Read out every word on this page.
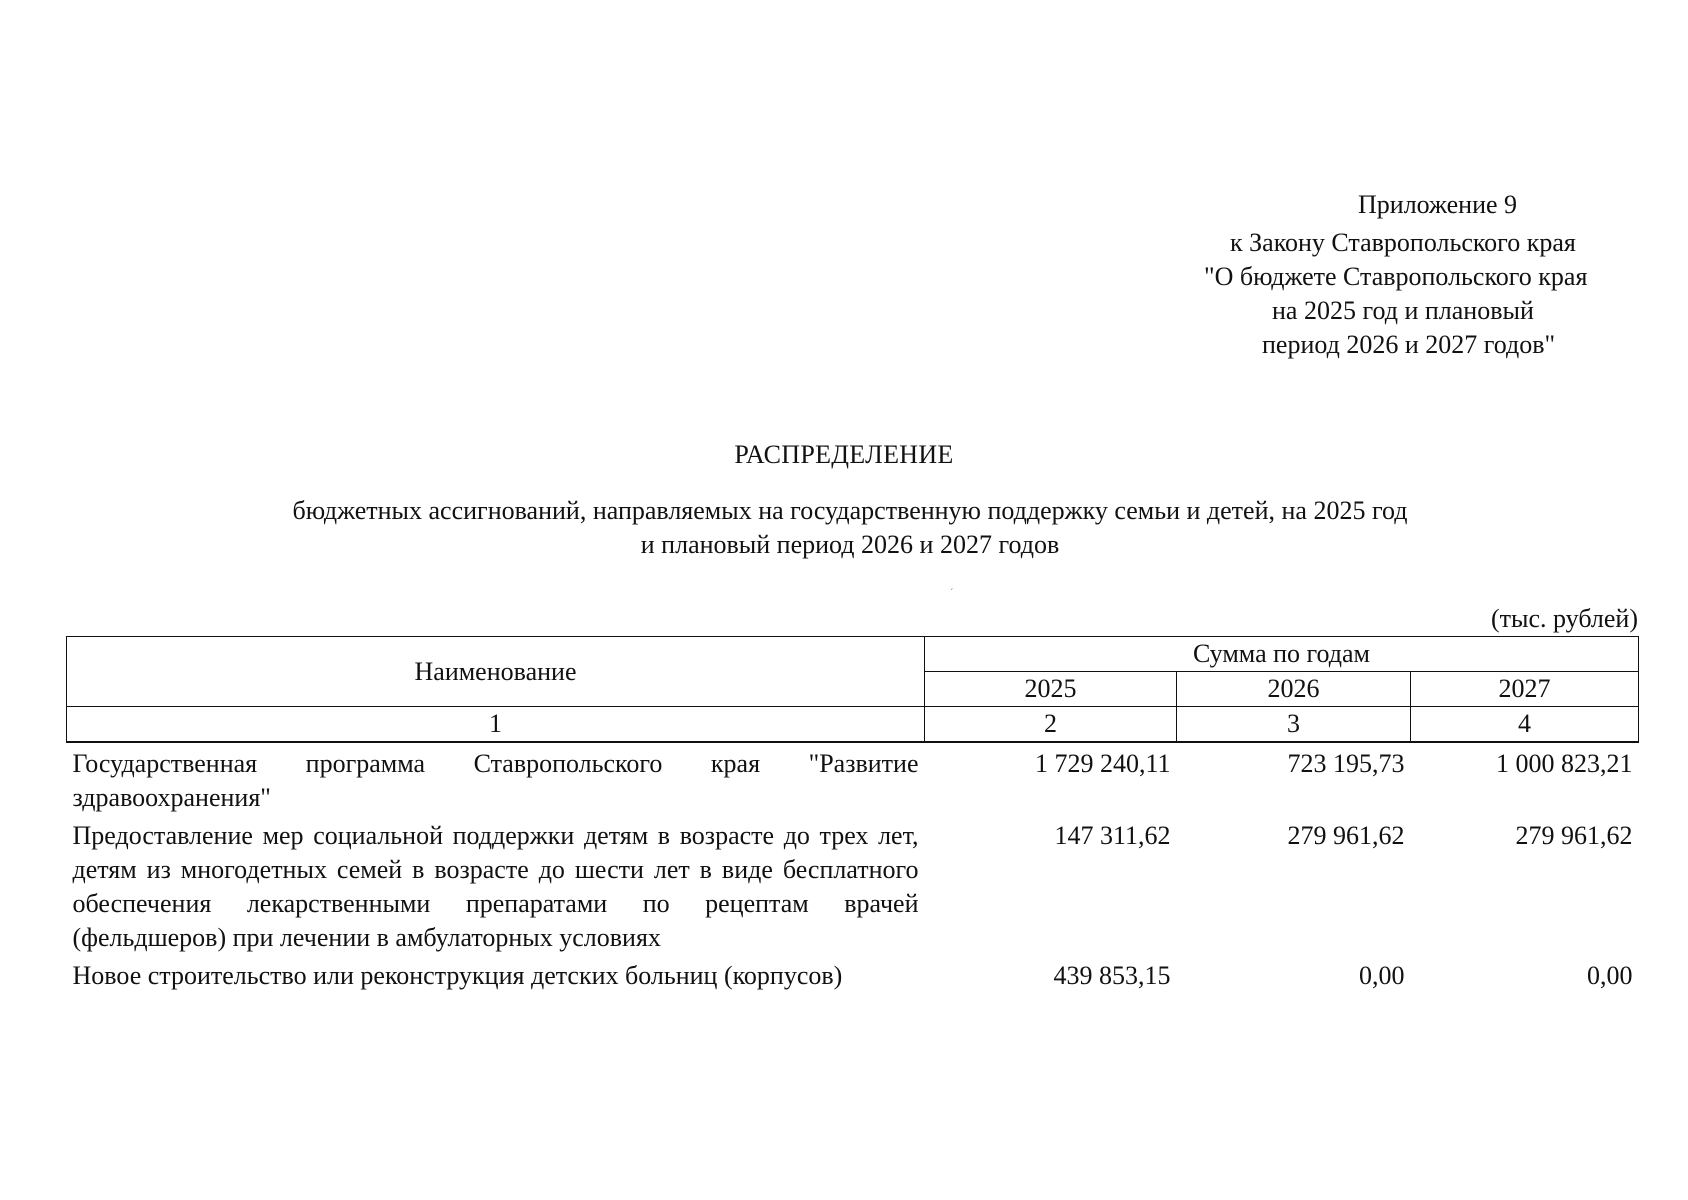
Приложение 9
к Закону Ставропольского края
"О бюджете Ставропольского края
на 2025 год и плановый
период 2026 и 2027 годов"
РАСПРЕДЕЛЕНИЕ
бюджетных ассигнований, направляемых на государственную поддержку семьи и детей, на 2025 год
и плановый период 2026 и 2027 годов
´
(тыс. рублей)
Наименование	Сумма по годам		
	2025	2026	2027
1	2	3	4
Государственная программа Ставропольского края "Развитие здравоохранения"	1 729 240,11	723 195,73	1 000 823,21
Предоставление мер социальной поддержки детям в возрасте до трех лет, детям из многодетных семей в возрасте до шести лет в виде бесплатного обеспечения лекарственными препаратами по рецептам врачей (фельдшеров) при лечении в амбулаторных условиях	147 311,62	279 961,62	279 961,62
Новое строительство или реконструкция детских больниц (корпусов)	439 853,15	0,00	0,00
